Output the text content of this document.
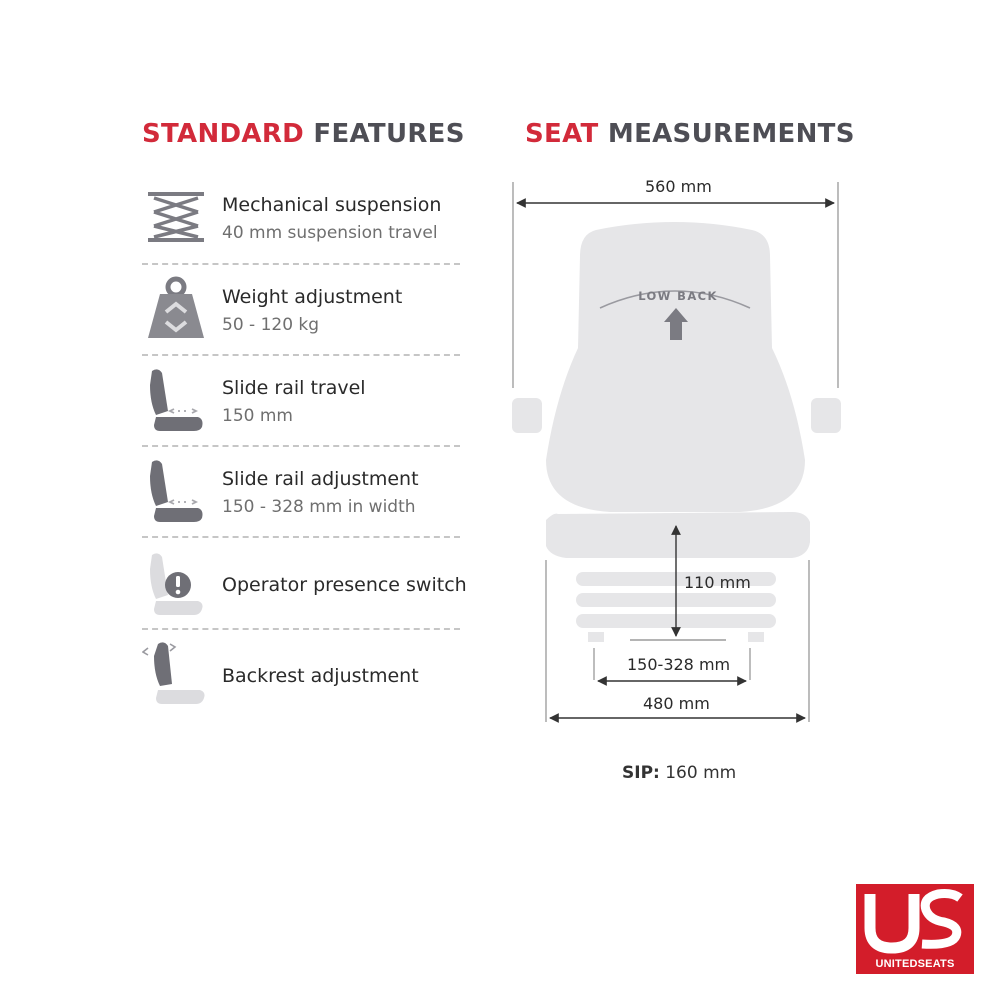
STANDARD FEATURES SEAT MEASUREMENTS
Mechanical suspension
40 mm suspension travel
Weight adjustment
50 - 120 kg
Slide rail travel
150 mm
Slide rail adjustment
150 - 328 mm in width
Operator presence switch
Backrest adjustment
LOW BACK
560 mm
110 mm
150-328 mm
480 mm
SIP: 160 mm
UNITEDSEATS
